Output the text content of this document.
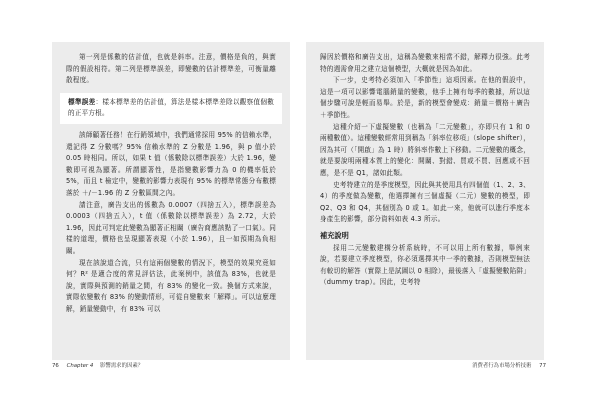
第一列是係數的估計值，也就是斜率。注意，價格是負的，與實際的假設相符。第二列是標準誤差，即變數的估計標準差，可衡量離散程度。

標準誤差：樣本標準差的估計值，算法是樣本標準差除以觀察值個數的正平方根。

該師顧著任務！在行銷領域中，我們通常採用 95% 的信賴水準，還記得 Z 分數嗎？95% 信賴水準的 Z 分數是 1.96，與 p 值小於 0.05 時相同。所以，如果 t 值（係數除以標準誤差）大於 1.96，變數即可視為顯著。所謂顯著性，是指變數影響力為 0 的機率低於 5%，而且 t 檢定中，變數的影響力表現有 95% 的標準常態分布數標落於 ＋/－1.96 的 Z 分數區間之內。

請注意，廣告支出的係數為 0.0007（四捨五入），標準誤差為 0.0003（四捨五入），t 值（係數除以標準誤差）為 2.72，大於 1.96，因此可判定此變數為顯著正相關（廣告商應該點了一口氣）。同樣的道理，價格也呈現顯著表現（小於 1.96），且一如預期為負相關。

現在該說道合流，只有這兩個變數的情況下，模型的效果究竟如何？R² 是適合度的常見評估法，此案例中，該值為 83%，也就是說，實際與預測的銷量之間，有 83% 的變化一致。換個方式來說，實際依變數有 83% 的變動情形，可從自變數來「解釋」。可以這麼理解，銷量變動中，有 83% 可以

歸因於價格和廣告支出，這稱為變數來相當不錯，解釋力很強。此考特的週需會用之建立這個模型，大概就是因為如此。

下一步，史考特必須加入「季節性」這項因素。在他的假設中，這是一項可以影響電腦銷量的變數，他手上擁有每季的數據，所以這個步驟可說是輕而易舉。於是，新的模型會變成：銷量＝價格＋廣告＋季節性。

這種介紹一下虛擬變數（也稱為「二元變數」，亦即只有 1 和 0 兩種數值）。這種變數經常用到稱為「斜率位移項」（slope shifter），因為其可（「開啟」為 1 時）將斜率作數上下移動。二元變數的概念，就是要說明兩種本質上的變化：開關、對錯、買或不買、回應或不回應，是不是 Q1，諸如此類。

史考特建立的是季度模型，因此與其使用具有四個值（1、2、3、4）的季度做為變數，他選擇擁有三個虛擬（二元）變數的模型，即 Q2、Q3 和 Q4，其個別為 0 或 1。如此一來，他就可以進行季度本身產生的影響，部分資料如表 4.3 所示。

補充說明

採用二元變數建構分析系統時，不可以用上所有數據，舉例來說，若要建立季度模型，你必須選擇其中一季的數據，否則模型無法有較切的解答（實際上是試圖以 0 相除），最後落入「虛擬變數陷阱」（dummy trap）。因此，史考特

76 Chapter 4 影響需求的因素？	消費者行為市場分析技術 77
